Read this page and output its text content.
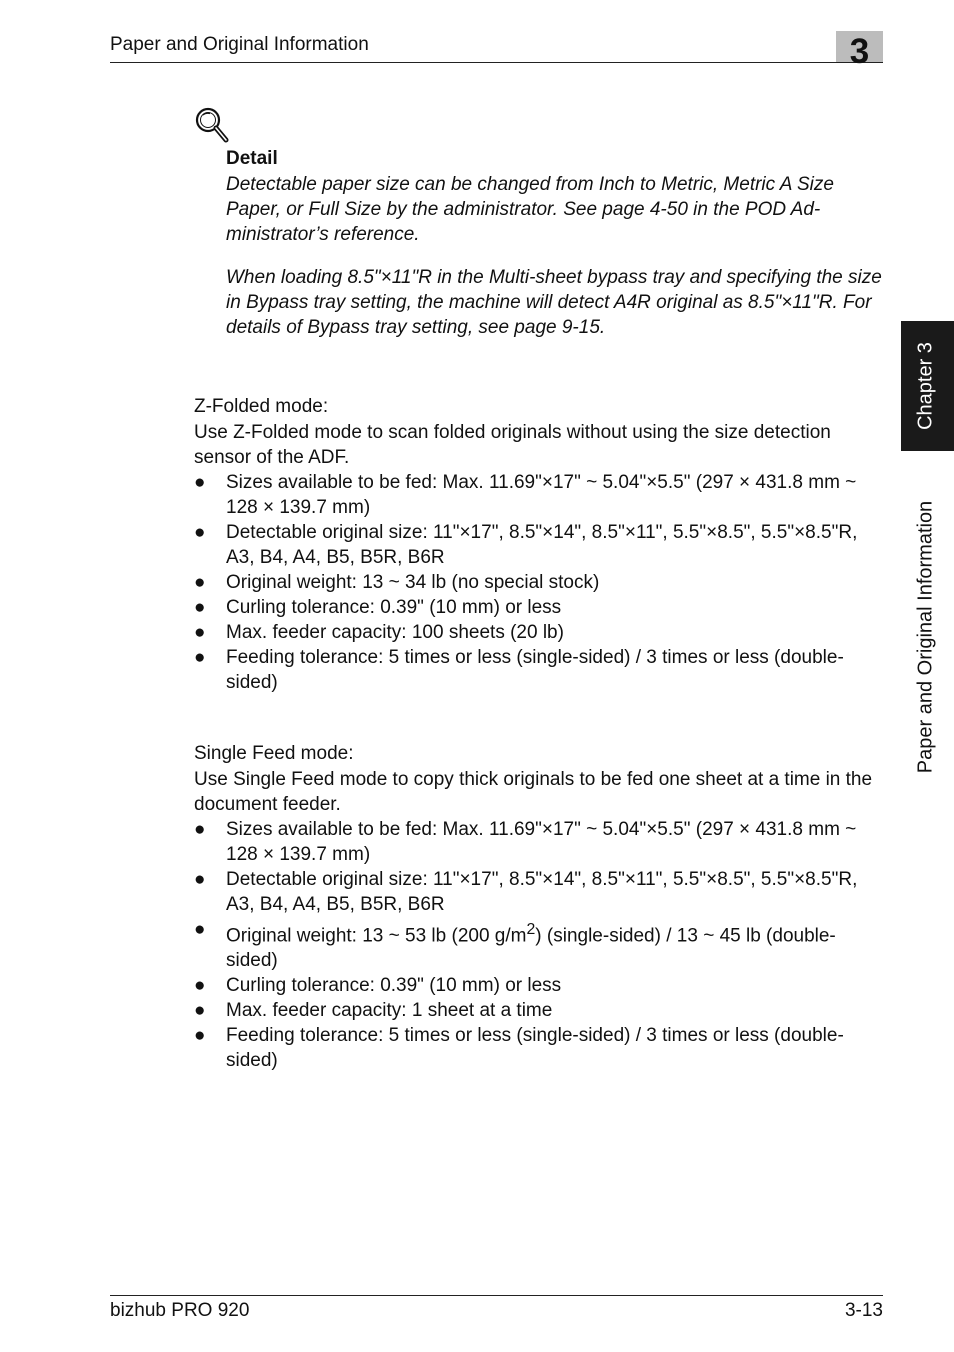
Paper and Original Information	3
Chapter 3
Paper and Original Information
Detail

Detectable paper size can be changed from Inch to Metric, Metric A Size Paper, or Full Size by the administrator. See page 4-50 in the POD Ad-ministrator’s reference.

When loading 8.5"×11"R in the Multi-sheet bypass tray and specifying the size in Bypass tray setting, the machine will detect A4R original as 8.5"×11"R. For details of Bypass tray setting, see page 9-15.

Z-Folded mode:

Use Z-Folded mode to scan folded originals without using the size detection sensor of the ADF.

● Sizes available to be fed: Max. 11.69"×17" ~ 5.04"×5.5" (297 × 431.8 mm ~ 128 × 139.7 mm)
● Detectable original size: 11"×17", 8.5"×14", 8.5"×11", 5.5"×8.5", 5.5"×8.5"R, A3, B4, A4, B5, B5R, B6R
● Original weight: 13 ~ 34 lb (no special stock)
● Curling tolerance: 0.39" (10 mm) or less
● Max. feeder capacity: 100 sheets (20 lb)
● Feeding tolerance: 5 times or less (single-sided) / 3 times or less (double-sided)
Single Feed mode:

Use Single Feed mode to copy thick originals to be fed one sheet at a time in the document feeder.

● Sizes available to be fed: Max. 11.69"×17" ~ 5.04"×5.5" (297 × 431.8 mm ~ 128 × 139.7 mm)
● Detectable original size: 11"×17", 8.5"×14", 8.5"×11", 5.5"×8.5", 5.5"×8.5"R, A3, B4, A4, B5, B5R, B6R
● Original weight: 13 ~ 53 lb (200 $g/m^2$) (single-sided) / 13 ~ 45 lb (double-sided)
● Curling tolerance: 0.39" (10 mm) or less
● Max. feeder capacity: 1 sheet at a time
● Feeding tolerance: 5 times or less (single-sided) / 3 times or less (double-sided)
bizhub PRO 920	3-13
